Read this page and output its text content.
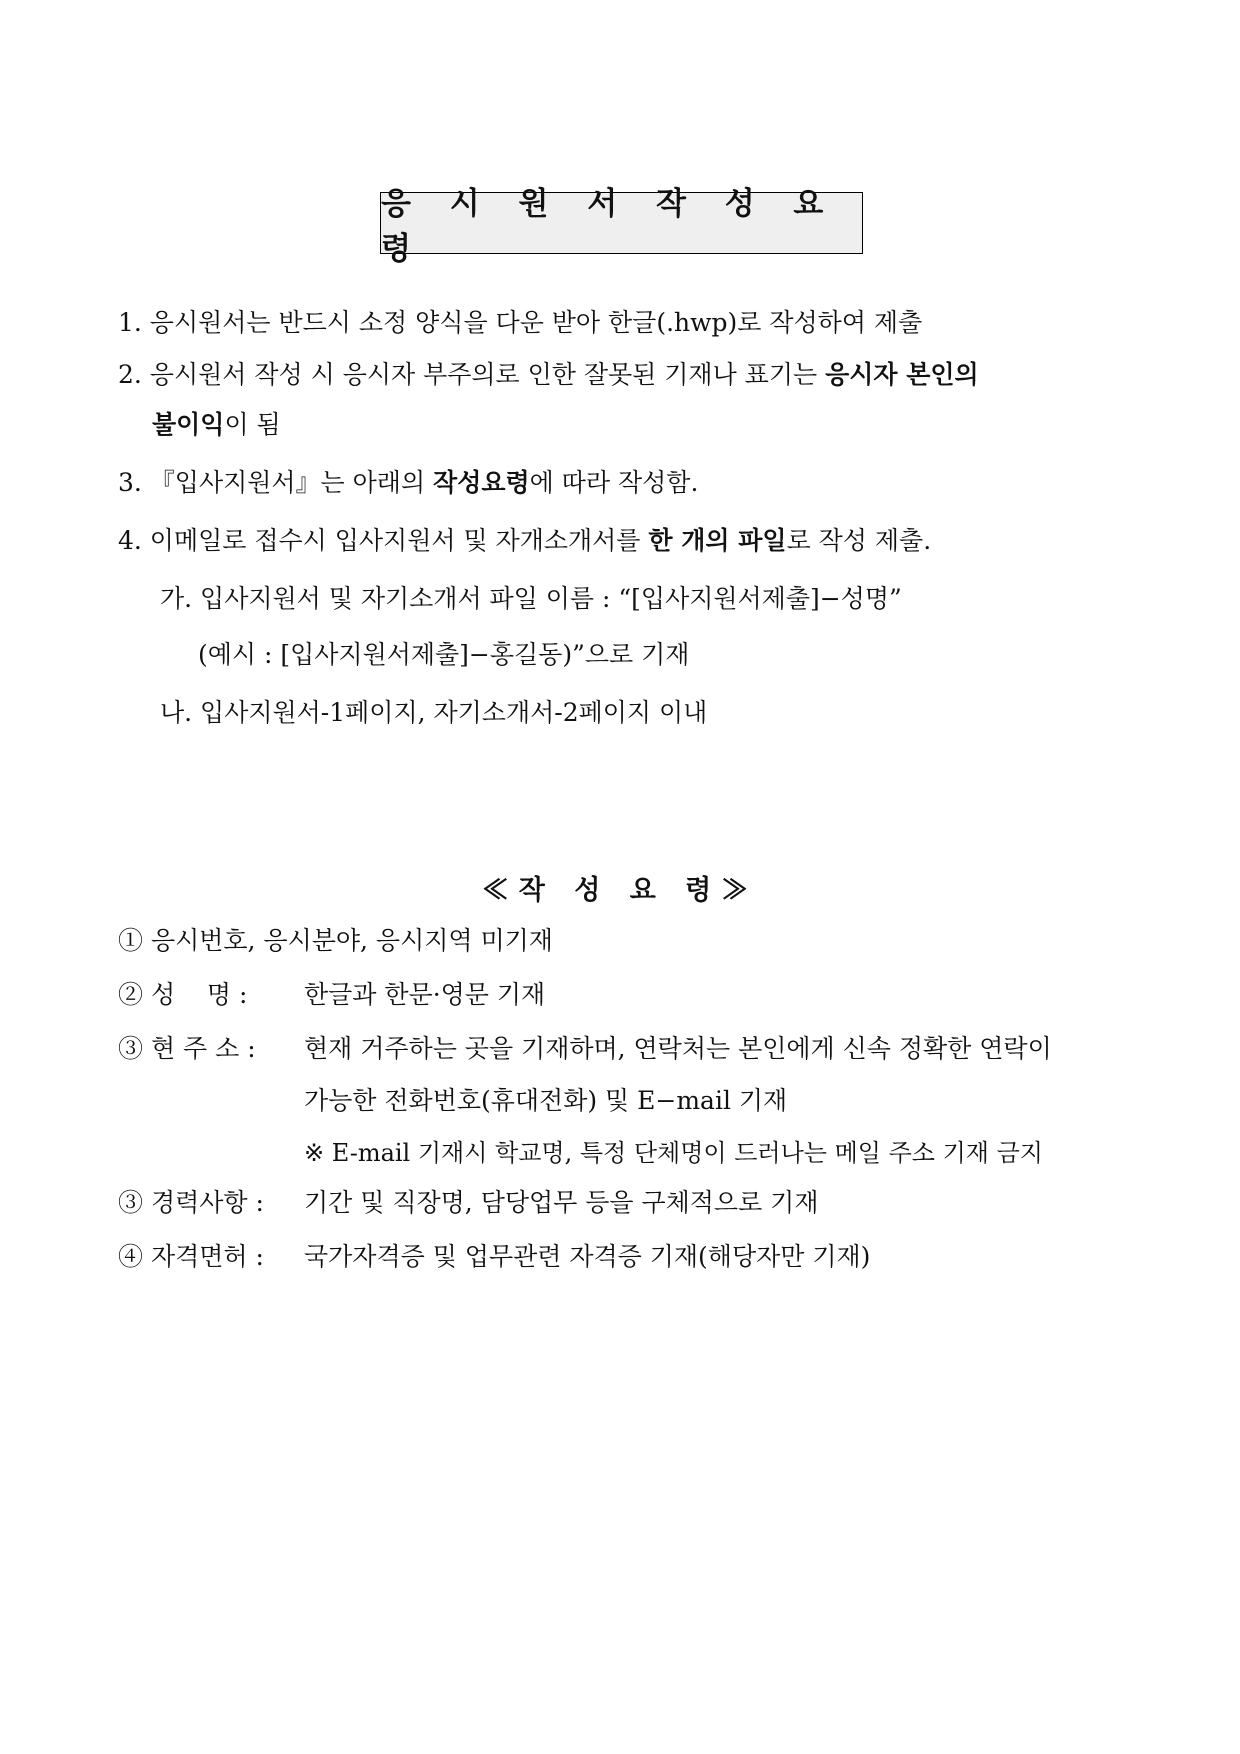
응 시 원 서 작 성 요 령
1. 응시원서는 반드시 소정 양식을 다운 받아 한글(.hwp)로 작성하여 제출
2. 응시원서 작성 시 응시자 부주의로 인한 잘못된 기재나 표기는 응시자 본인의
불이익이 됨
3. 『입사지원서』는 아래의 작성요령에 따라 작성함.
4. 이메일로 접수시 입사지원서 및 자개소개서를 한 개의 파일로 작성 제출.
가. 입사지원서 및 자기소개서 파일 이름 : “[입사지원서제출]−성명”
(예시 : [입사지원서제출]−홍길동)”으로 기재
나. 입사지원서-1페이지, 자기소개서-2페이지 이내
≪작 성 요 령≫
① 응시번호, 응시분야, 응시지역 미기재
② 성    명 : 한글과 한문·영문 기재
③ 현 주 소 : 현재 거주하는 곳을 기재하며, 연락처는 본인에게 신속 정확한 연락이
가능한 전화번호(휴대전화) 및 E−mail 기재
※ E-mail 기재시 학교명, 특정 단체명이 드러나는 메일 주소 기재 금지
③ 경력사항 : 기간 및 직장명, 담당업무 등을 구체적으로 기재
④ 자격면허 : 국가자격증 및 업무관련 자격증 기재(해당자만 기재)
